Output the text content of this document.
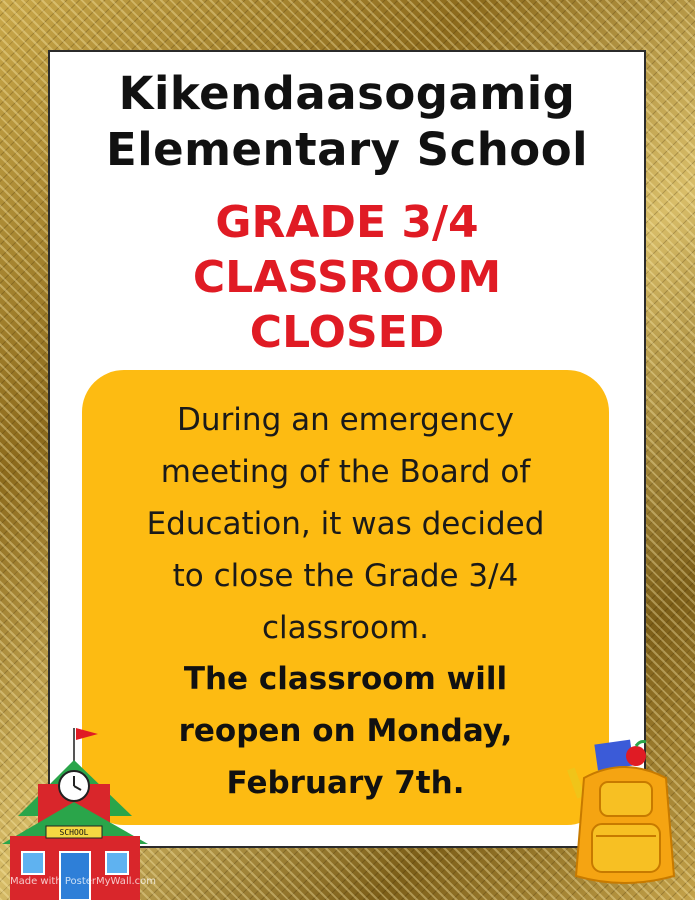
Kikendaasogamig
Elementary School
GRADE 3/4
CLASSROOM
CLOSED
During an emergency
meeting of the Board of
Education, it was decided
to close the Grade 3/4
classroom.
The classroom will
reopen on Monday,
February 7th.
SCHOOL
Made with PosterMyWall.com
